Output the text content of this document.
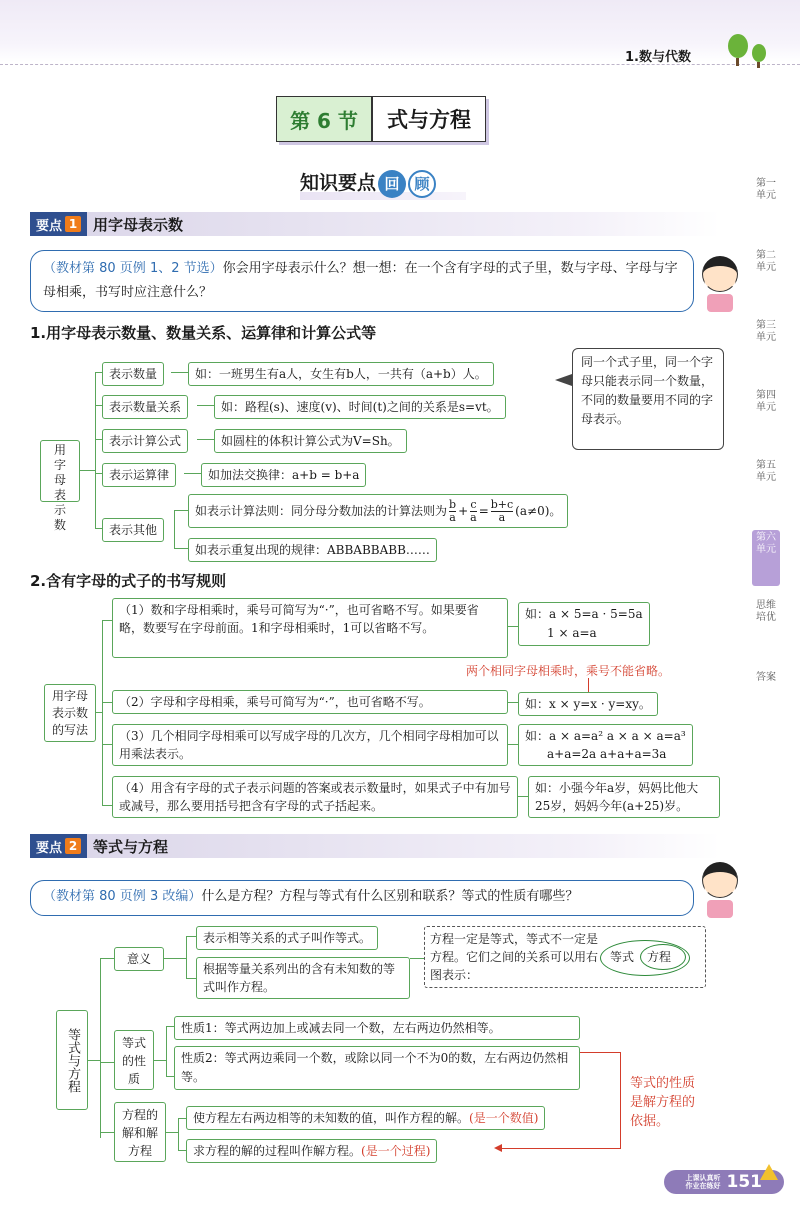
1.数与代数
第 6 节	式与方程
知识要点 回 顾	第一单元
第二单元
第三单元
第四单元
第五单元
第六单元
思维培优
答案
要点 1 用字母表示数
（教材第 80 页例 1、2 节选）你会用字母表示什么？想一想：在一个含有字母的式子里，数与字母、字母与字母相乘，书写时应注意什么？
1.用字母表示数量、数量关系、运算律和计算公式等
用字母表示数
表示数量	如：一班男生有a人，女生有b人，一共有（a+b）人。
表示数量关系	如：路程(s)、速度(v)、时间(t)之间的关系是s=vt。
表示计算公式	如圆柱的体积计算公式为V=Sh。
表示运算律	如加法交换律：a+b = b+a
表示其他
如表示计算法则：同分母分数加法的计算法则为 $\frac{b}{a} + \frac{c}{a} = \frac{b+c}{a} (a\ne 0)$。
如表示重复出现的规律：ABBABBABB……
同一个式子里，同一个字母只能表示同一个数量，不同的数量要用不同的字母表示。
2.含有字母的式子的书写规则
用字母表示数的写法
（1）数和字母相乘时，乘号可简写为“·”，也可省略不写。如果要省略，数要写在字母前面。1和字母相乘时，1可以省略不写。
如：a × 5=a · 5=5a
1 × a=a
两个相同字母相乘时，乘号不能省略。
（2）字母和字母相乘，乘号可简写为“·”，也可省略不写。	如：x × y=x · y=xy。
（3）几个相同字母相乘可以写成字母的几次方，几个相同字母相加可以用乘法表示。
如：a × a=a² a × a × a=a³
a+a=2a a+a+a=3a
（4）用含有字母的式子表示问题的答案或表示数量时，如果式子中有加号或减号，那么要用括号把含有字母的式子括起来。
如：小强今年a岁，妈妈比他大25岁，妈妈今年(a+25)岁。
要点 2 等式与方程
（教材第 80 页例 3 改编）什么是方程？方程与等式有什么区别和联系？等式的性质有哪些？
等式与方程
意义
表示相等关系的式子叫作等式。
根据等量关系列出的含有未知数的等式叫作方程。
方程一定是等式，等式不一定是方程。它们之间的关系可以用右图表示：
等式 方程
等式的性质
性质1：等式两边加上或减去同一个数，左右两边仍然相等。
性质2：等式两边乘同一个数，或除以同一个不为0的数，左右两边仍然相等。
方程的解和解方程
使方程左右两边相等的未知数的值，叫作方程的解。(是一个数值)
求方程的解的过程叫作解方程。(是一个过程)
等式的性质是解方程的依据。
上课认真听
作业在练好 151
